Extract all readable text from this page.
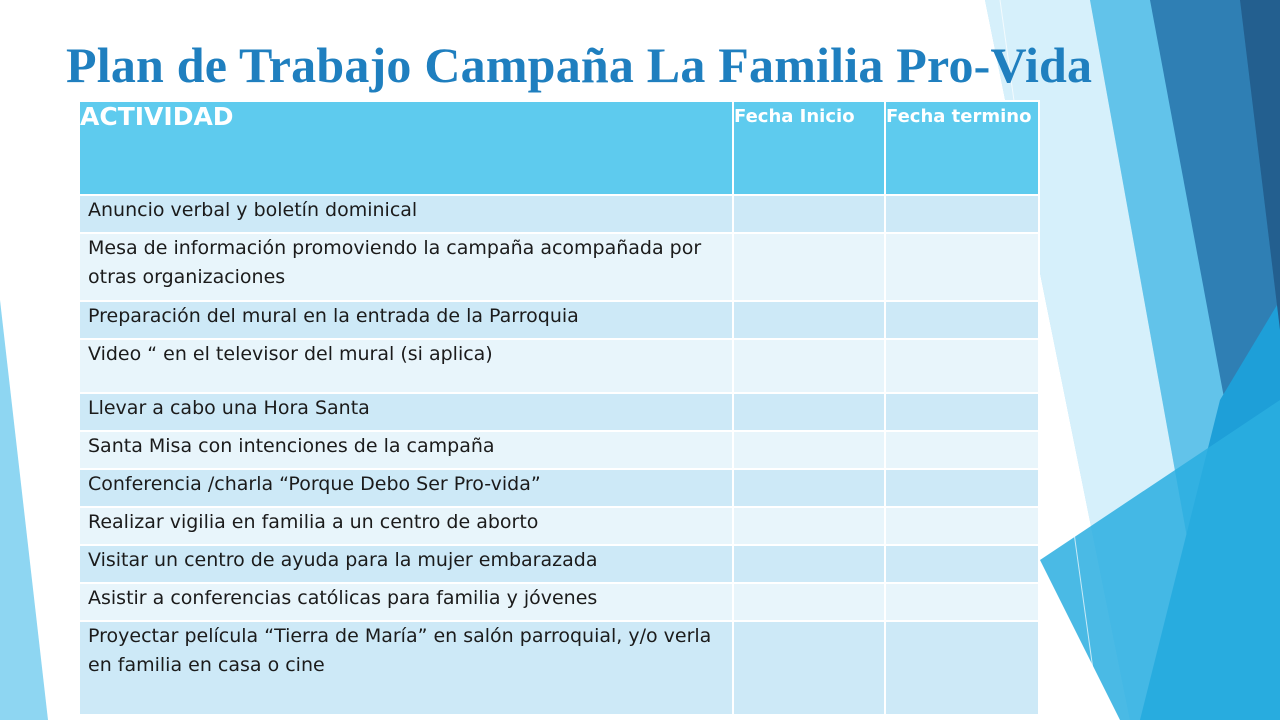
Plan de Trabajo Campaña La Familia Pro-Vida
ACTIVIDAD	Fecha Inicio	Fecha termino
Anuncio verbal y boletín dominical		
Mesa de información promoviendo la campaña acompañada por otras organizaciones		
Preparación del mural en la entrada de la Parroquia		
Video “ en el televisor del mural (si aplica)		
Llevar a cabo una Hora Santa		
Santa Misa con intenciones de la campaña		
Conferencia /charla “Porque Debo Ser Pro-vida”		
Realizar vigilia en familia a un centro de aborto		
Visitar un centro de ayuda para la mujer embarazada		
Asistir a conferencias católicas para familia y jóvenes		
Proyectar película “Tierra de María” en salón parroquial, y/o verla en familia en casa o cine		
